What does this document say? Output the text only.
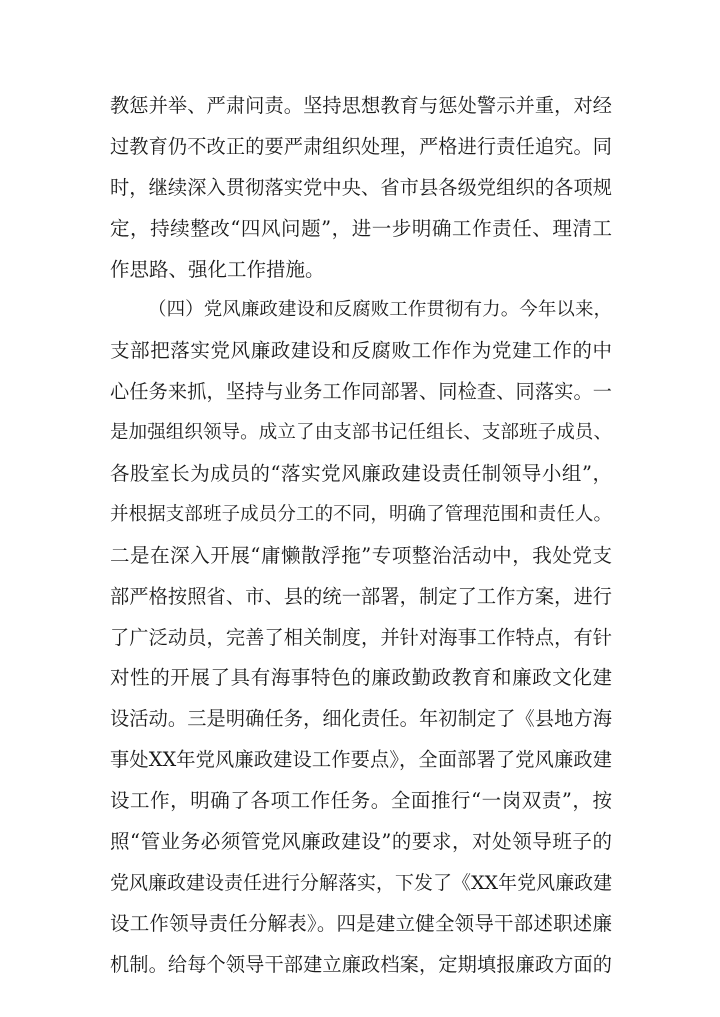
教惩并举、严肃问责。坚持思想教育与惩处警示并重，对经
过教育仍不改正的要严肃组织处理，严格进行责任追究。同
时，继续深入贯彻落实党中央、省市县各级党组织的各项规
定，持续整改“四风问题”，进一步明确工作责任、理清工
作思路、强化工作措施。
（四）党风廉政建设和反腐败工作贯彻有力。今年以来，
支部把落实党风廉政建设和反腐败工作作为党建工作的中
心任务来抓，坚持与业务工作同部署、同检查、同落实。一
是加强组织领导。成立了由支部书记任组长、支部班子成员、
各股室长为成员的“落实党风廉政建设责任制领导小组”，
并根据支部班子成员分工的不同，明确了管理范围和责任人。
二是在深入开展“庸懒散浮拖”专项整治活动中，我处党支
部严格按照省、市、县的统一部署，制定了工作方案，进行
了广泛动员，完善了相关制度，并针对海事工作特点，有针
对性的开展了具有海事特色的廉政勤政教育和廉政文化建
设活动。三是明确任务，细化责任。年初制定了《县地方海
事处XX年党风廉政建设工作要点》，全面部署了党风廉政建
设工作，明确了各项工作任务。全面推行“一岗双责”，按
照“管业务必须管党风廉政建设”的要求，对处领导班子的
党风廉政建设责任进行分解落实，下发了《XX年党风廉政建
设工作领导责任分解表》。四是建立健全领导干部述职述廉
机制。给每个领导干部建立廉政档案，定期填报廉政方面的
